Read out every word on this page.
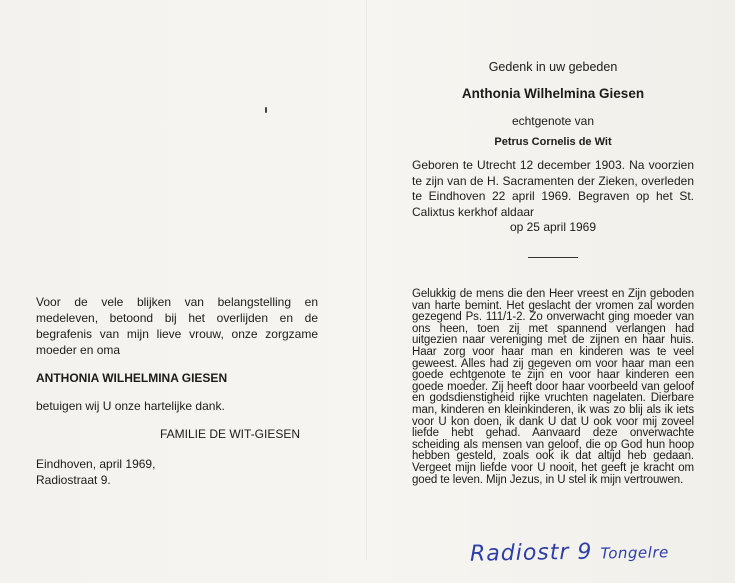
Gedenk in uw gebeden
Anthonia Wilhelmina Giesen
echtgenote van
Petrus Cornelis de Wit
Geboren te Utrecht 12 december 1903. Na voorzien te zijn van de H. Sacramenten der Zieken, overleden te Eindhoven 22 april 1969. Begraven op het St. Calixtus kerkhof aldaar
op 25 april 1969
Gelukkig de mens die den Heer vreest en Zijn geboden van harte bemint. Het geslacht der vromen zal worden gezegend Ps. 111/1-2. Zo onverwacht ging moeder van ons heen, toen zij met spannend verlangen had uitgezien naar vereniging met de zijnen en haar huis. Haar zorg voor haar man en kinderen was te veel geweest. Alles had zij gegeven om voor haar man een goede echtgenote te zijn en voor haar kinderen een goede moeder. Zij heeft door haar voorbeeld van geloof en godsdienstigheid rijke vruchten nagelaten. Dierbare man, kinderen en kleinkinderen, ik was zo blij als ik iets voor U kon doen, ik dank U dat U ook voor mij zoveel liefde hebt gehad. Aanvaard deze onverwachte scheiding als mensen van geloof, die op God hun hoop hebben gesteld, zoals ook ik dat altijd heb gedaan. Vergeet mijn liefde voor U nooit, het geeft je kracht om goed te leven. Mijn Jezus, in U stel ik mijn vertrouwen.
Voor de vele blijken van belangstelling en medeleven, betoond bij het overlijden en de begrafenis van mijn lieve vrouw, onze zorgzame moeder en oma
ANTHONIA WILHELMINA GIESEN
betuigen wij U onze hartelijke dank.
FAMILIE DE WIT-GIESEN
Eindhoven, april 1969,
Radiostraat 9.
Radiostr 9 Tongelre
